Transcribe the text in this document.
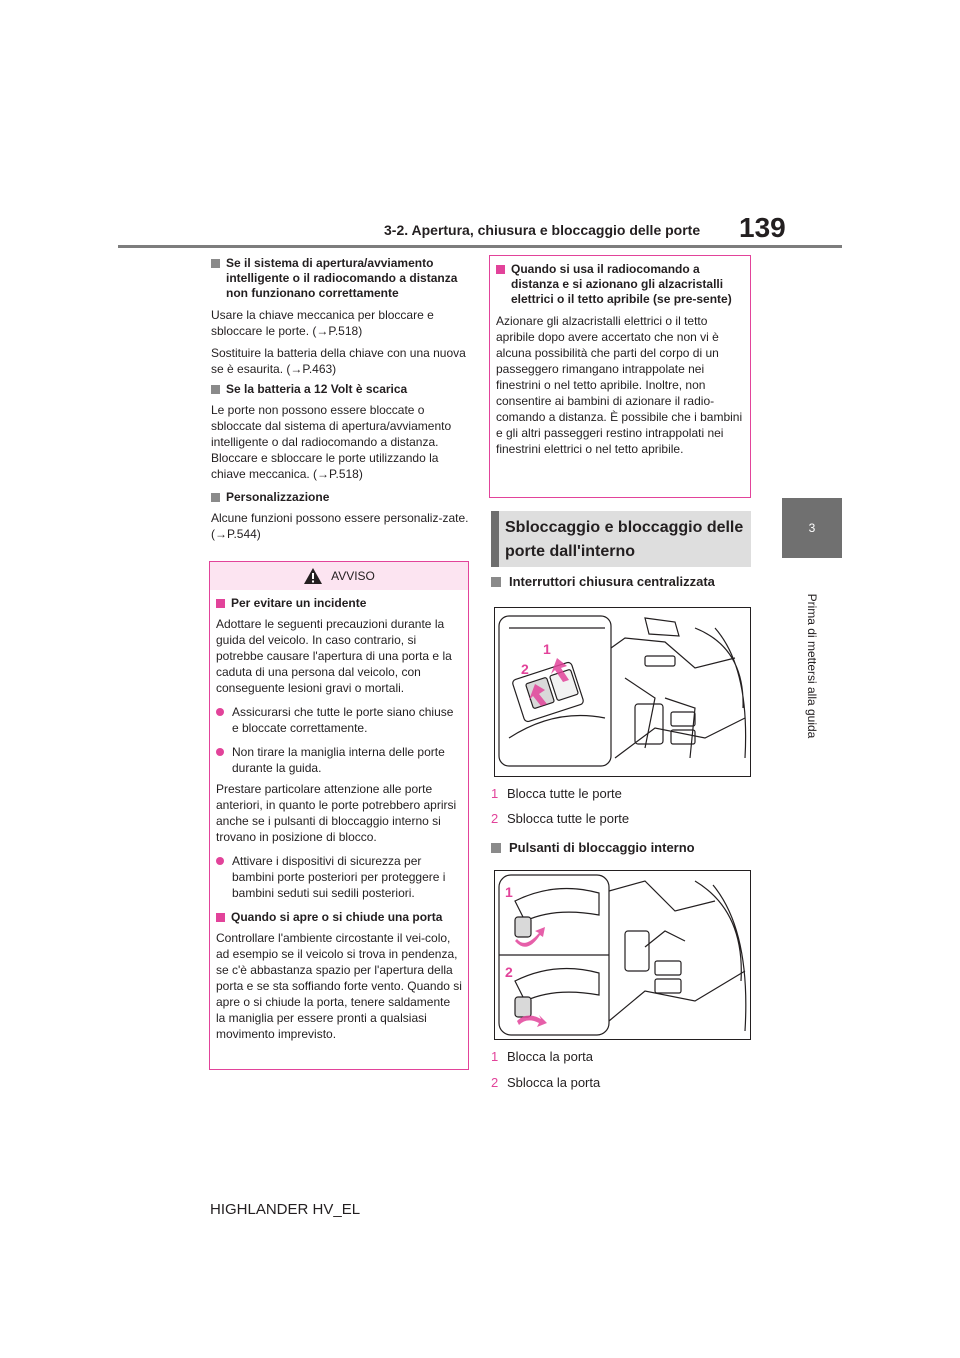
3-2. Apertura, chiusura e bloccaggio delle porte 139
3
Prima di mettersi alla guida
Se il sistema di apertura/avviamento intelligente o il radiocomando a distanza non funzionano correttamente
Usare la chiave meccanica per bloccare e sbloccare le porte. (→P.518)
Sostituire la batteria della chiave con una nuova se è esaurita. (→P.463)
Se la batteria a 12 Volt è scarica
Le porte non possono essere bloccate o sbloccate dal sistema di apertura/avviamento intelligente o dal radiocomando a distanza. Bloccare e sbloccare le porte utilizzando la chiave meccanica. (→P.518)
Personalizzazione
Alcune funzioni possono essere personaliz-zate. (→P.544)
AVVISO
Per evitare un incidente
Adottare le seguenti precauzioni durante la guida del veicolo. In caso contrario, si potrebbe causare l'apertura di una porta e la caduta di una persona dal veicolo, con conseguente lesioni gravi o mortali.
Assicurarsi che tutte le porte siano chiuse e bloccate correttamente.
Non tirare la maniglia interna delle porte durante la guida.
Prestare particolare attenzione alle porte anteriori, in quanto le porte potrebbero aprirsi anche se i pulsanti di bloccaggio interno si trovano in posizione di blocco.
Attivare i dispositivi di sicurezza per bambini porte posteriori per proteggere i bambini seduti sui sedili posteriori.
Quando si apre o si chiude una porta
Controllare l'ambiente circostante il vei-colo, ad esempio se il veicolo si trova in pendenza, se c'è abbastanza spazio per l'apertura della porta e se sta soffiando forte vento. Quando si apre o si chiude la porta, tenere saldamente la maniglia per essere pronti a qualsiasi movimento imprevisto.
Quando si usa il radiocomando a distanza e si azionano gli alzacristalli elettrici o il tetto apribile (se pre-sente)
Azionare gli alzacristalli elettrici o il tetto apribile dopo avere accertato che non vi è alcuna possibilità che parti del corpo di un passeggero rimangano intrappolate nei finestrini o nel tetto apribile. Inoltre, non consentire ai bambini di azionare il radio-comando a distanza. È possibile che i bambini e gli altri passeggeri restino intrappolati nei finestrini elettrici o nel tetto apribile.
Sbloccaggio e bloccaggio delle porte dall'interno
Interruttori chiusura centralizzata
1
2
1 Blocca tutte le porte
2 Sblocca tutte le porte
Pulsanti di bloccaggio interno
1
2
1 Blocca la porta
2 Sblocca la porta
HIGHLANDER HV_EL
